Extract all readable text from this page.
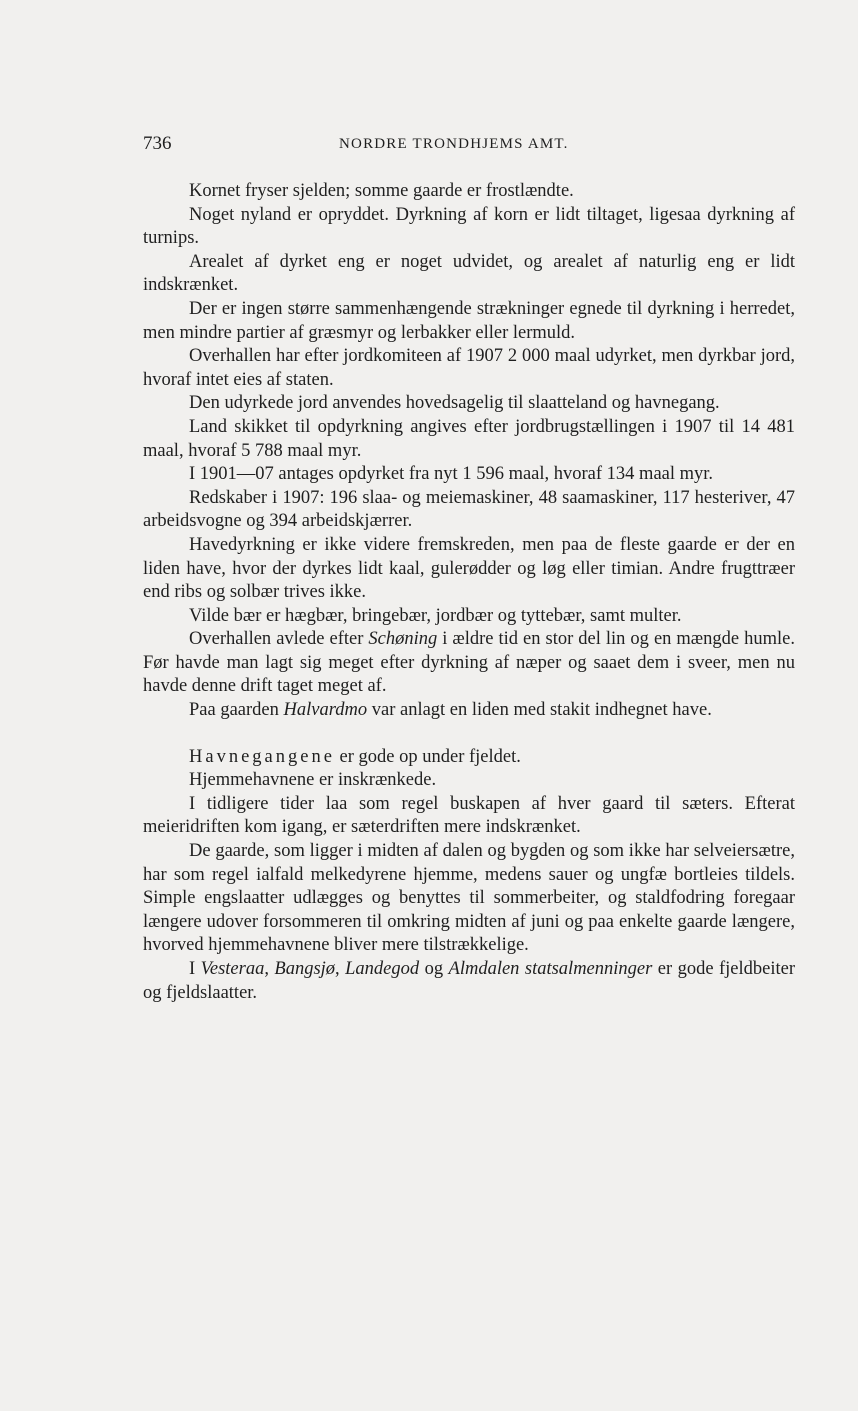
736	NORDRE TRONDHJEMS AMT.

Kornet fryser sjelden; somme gaarde er frostlændte.

Noget nyland er opryddet. Dyrkning af korn er lidt tiltaget, ligesaa dyrkning af turnips.

Arealet af dyrket eng er noget udvidet, og arealet af naturlig eng er lidt indskrænket.

Der er ingen større sammenhængende strækninger egnede til dyrkning i herredet, men mindre partier af græsmyr og lerbakker eller lermuld.

Overhallen har efter jordkomiteen af 1907 2 000 maal udyrket, men dyrkbar jord, hvoraf intet eies af staten.

Den udyrkede jord anvendes hovedsagelig til slaatteland og havnegang.

Land skikket til opdyrkning angives efter jordbrugstællingen i 1907 til 14 481 maal, hvoraf 5 788 maal myr.

I 1901—07 antages opdyrket fra nyt 1 596 maal, hvoraf 134 maal myr.

Redskaber i 1907: 196 slaa- og meiemaskiner, 48 saamaskiner, 117 hesteriver, 47 arbeidsvogne og 394 arbeidskjærrer.

Havedyrkning er ikke videre fremskreden, men paa de fleste gaarde er der en liden have, hvor der dyrkes lidt kaal, gulerødder og løg eller timian. Andre frugttræer end ribs og solbær trives ikke.

Vilde bær er hægbær, bringebær, jordbær og tyttebær, samt multer.

Overhallen avlede efter Schøning i ældre tid en stor del lin og en mængde humle. Før havde man lagt sig meget efter dyrkning af næper og saaet dem i sveer, men nu havde denne drift taget meget af.

Paa gaarden Halvardmo var anlagt en liden med stakit indhegnet have.

Havnegangene er gode op under fjeldet.

Hjemmehavnene er inskrænkede.

I tidligere tider laa som regel buskapen af hver gaard til sæters. Efterat meieridriften kom igang, er sæterdriften mere indskrænket.

De gaarde, som ligger i midten af dalen og bygden og som ikke har selveiersætre, har som regel ialfald melkedyrene hjemme, medens sauer og ungfæ bortleies tildels. Simple engslaatter udlægges og benyttes til sommerbeiter, og staldfodring foregaar længere udover forsommeren til omkring midten af juni og paa enkelte gaarde længere, hvorved hjemmehavnene bliver mere tilstrækkelige.

I Vesteraa, Bangsjø, Landegod og Almdalen statsalmenninger er gode fjeldbeiter og fjeldslaatter.
